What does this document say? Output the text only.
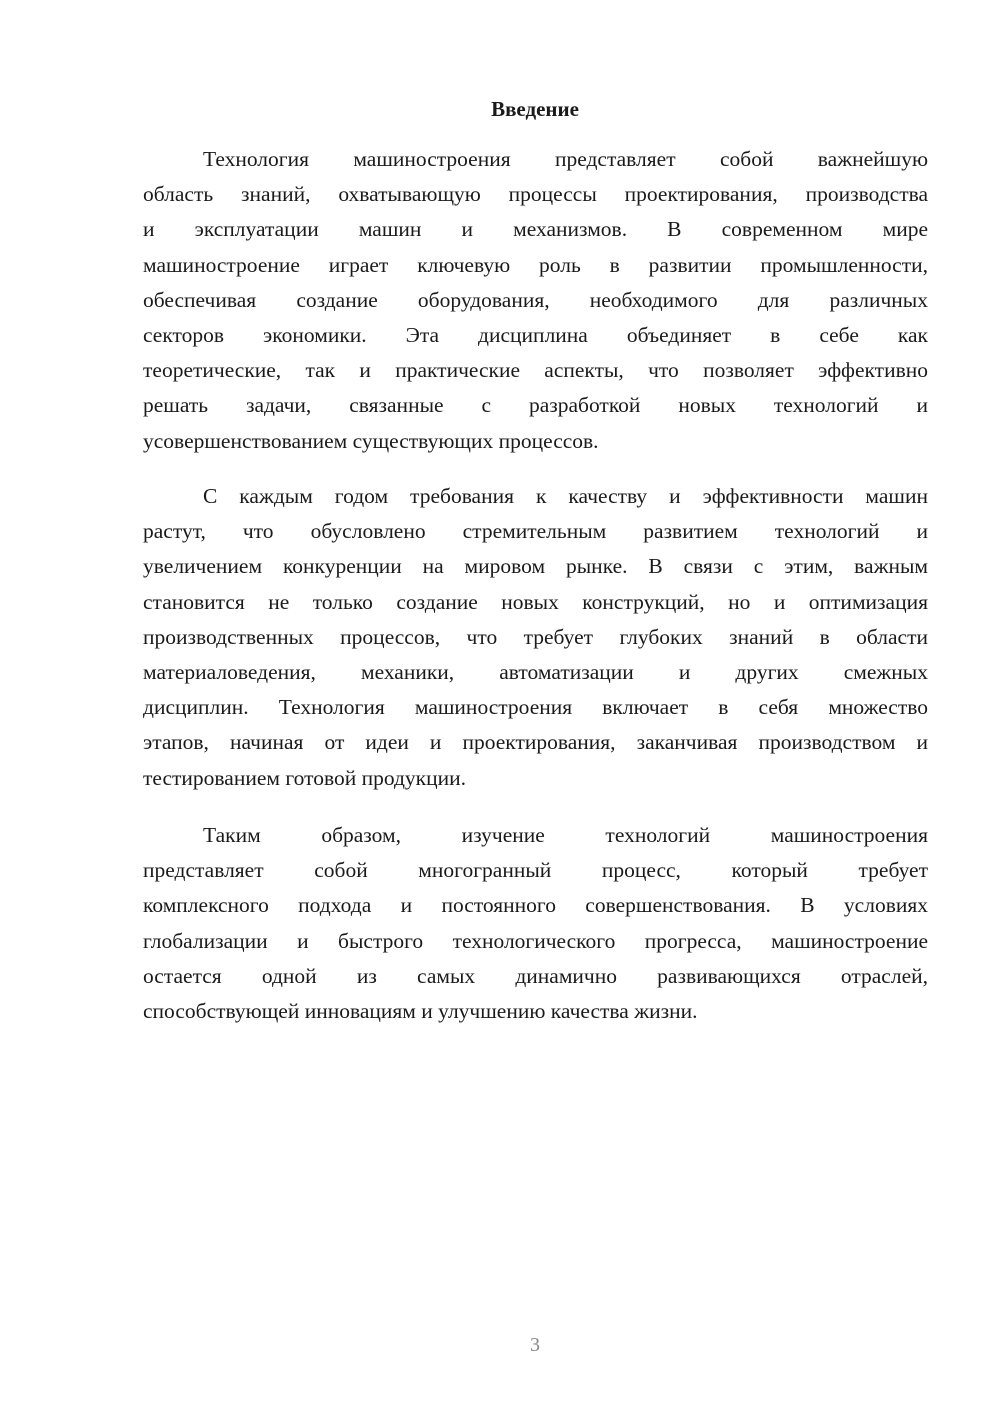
Введение
Технология машиностроения представляет собой важнейшую
область знаний, охватывающую процессы проектирования, производства
и эксплуатации машин и механизмов. В современном мире
машиностроение играет ключевую роль в развитии промышленности,
обеспечивая создание оборудования, необходимого для различных
секторов экономики. Эта дисциплина объединяет в себе как
теоретические, так и практические аспекты, что позволяет эффективно
решать задачи, связанные с разработкой новых технологий и
усовершенствованием существующих процессов.
С каждым годом требования к качеству и эффективности машин
растут, что обусловлено стремительным развитием технологий и
увеличением конкуренции на мировом рынке. В связи с этим, важным
становится не только создание новых конструкций, но и оптимизация
производственных процессов, что требует глубоких знаний в области
материаловедения, механики, автоматизации и других смежных
дисциплин. Технология машиностроения включает в себя множество
этапов, начиная от идеи и проектирования, заканчивая производством и
тестированием готовой продукции.
Таким образом, изучение технологий машиностроения
представляет собой многогранный процесс, который требует
комплексного подхода и постоянного совершенствования. В условиях
глобализации и быстрого технологического прогресса, машиностроение
остается одной из самых динамично развивающихся отраслей,
способствующей инновациям и улучшению качества жизни.
3
